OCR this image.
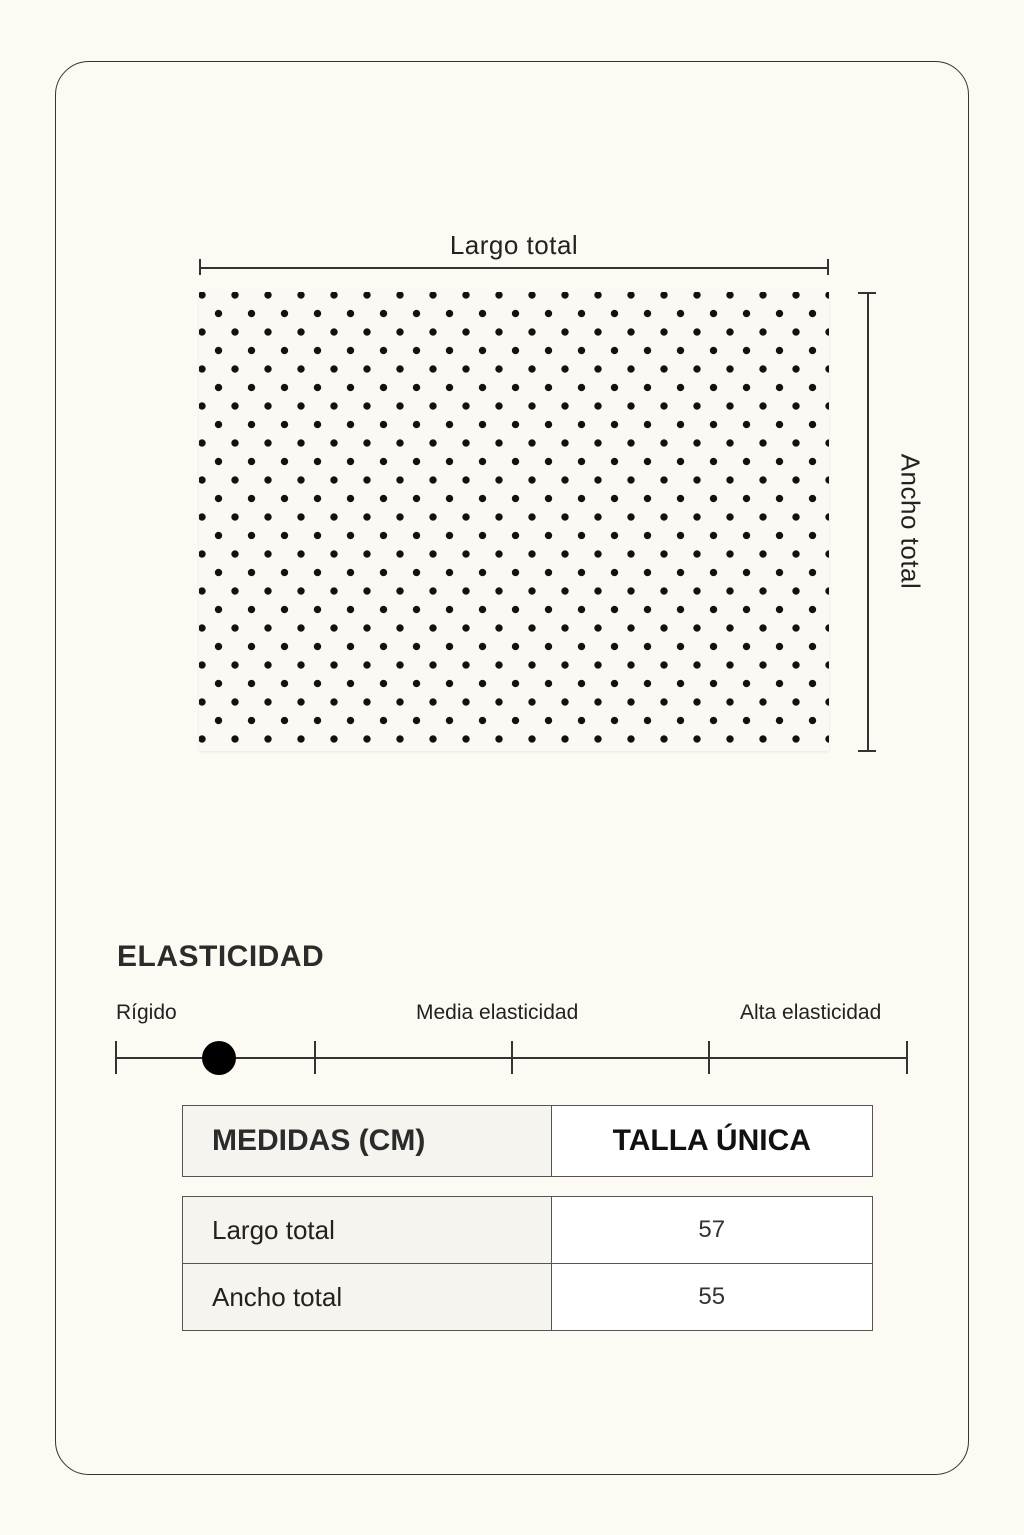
Largo total
Ancho total
ELASTICIDAD
Rígido	Media elasticidad	Alta elasticidad
MEDIDAS (CM)	TALLA ÚNICA
Largo total	57
Ancho total	55
